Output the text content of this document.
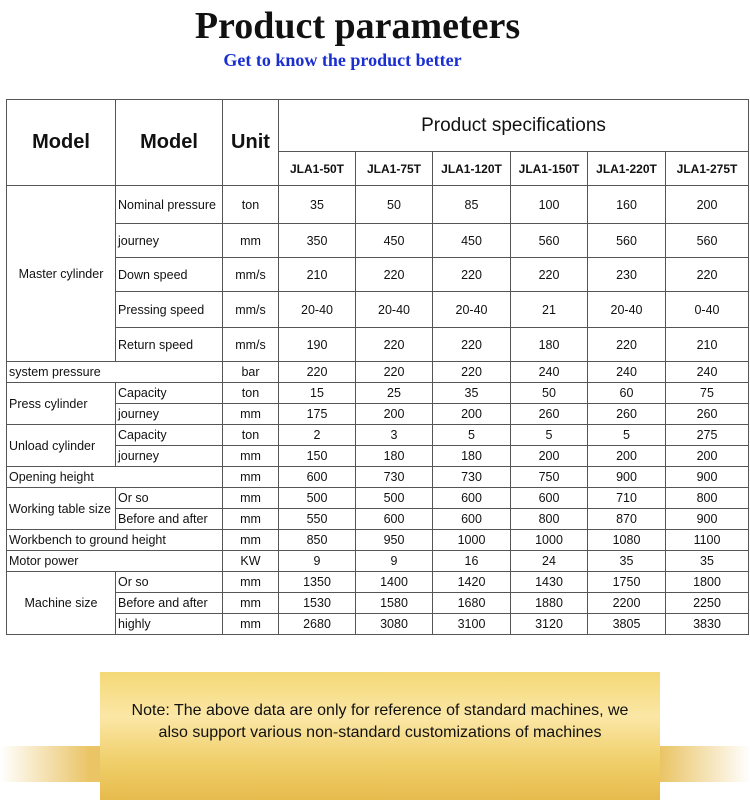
Product parameters
Get to know the product better
Model	Model	Unit	Product specifications					
			JLA1-50T	JLA1-75T	JLA1-120T	JLA1-150T	JLA1-220T	JLA1-275T
Master cylinder	Nominal pressure	ton	35	50	85	100	160	200
	journey	mm	350	450	450	560	560	560
	Down speed	mm/s	210	220	220	220	230	220
	Pressing speed	mm/s	20-40	20-40	20-40	21	20-40	0-40
	Return speed	mm/s	190	220	220	180	220	210
system pressure		bar	220	220	220	240	240	240
Press cylinder	Capacity	ton	15	25	35	50	60	75
	journey	mm	175	200	200	260	260	260
Unload cylinder	Capacity	ton	2	3	5	5	5	275
	journey	mm	150	180	180	200	200	200
Opening height		mm	600	730	730	750	900	900
Working table size	Or so	mm	500	500	600	600	710	800
	Before and after	mm	550	600	600	800	870	900
Workbench to ground height		mm	850	950	1000	1000	1080	1100
Motor power		KW	9	9	16	24	35	35
Machine size	Or so	mm	1350	1400	1420	1430	1750	1800
	Before and after	mm	1530	1580	1680	1880	2200	2250
	highly	mm	2680	3080	3100	3120	3805	3830
Note: The above data are only for reference of standard machines, we
also support various non-standard customizations of machines
